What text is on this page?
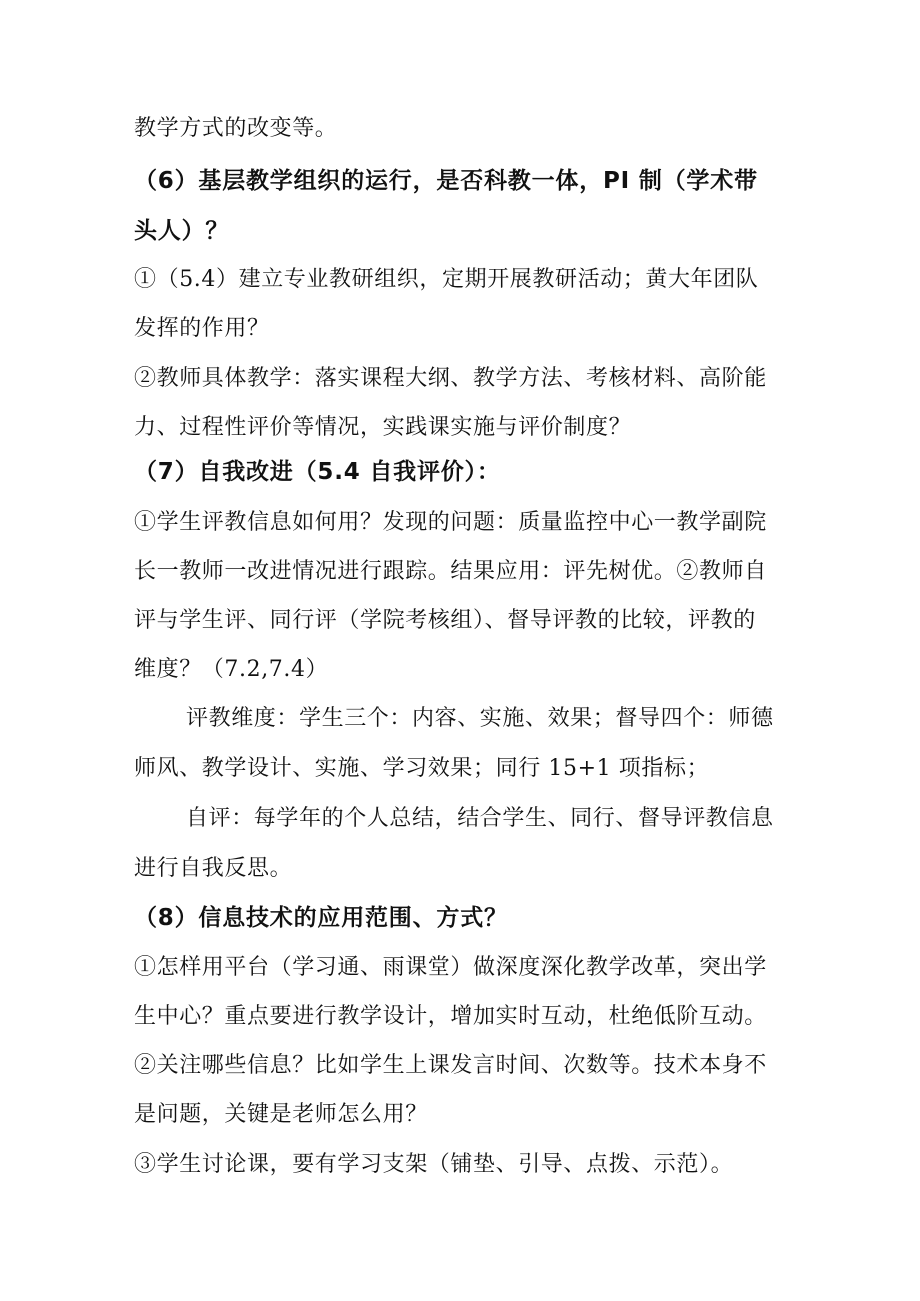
教学方式的改变等。
（6）基层教学组织的运行，是否科教一体，PI 制（学术带
头人）？
①（5.4）建立专业教研组织，定期开展教研活动；黄大年团队
发挥的作用？
②教师具体教学：落实课程大纲、教学方法、考核材料、高阶能
力、过程性评价等情况，实践课实施与评价制度？
（7）自我改进（5.4 自我评价）：
①学生评教信息如何用？发现的问题：质量监控中心一教学副院
长一教师一改进情况进行跟踪。结果应用：评先树优。②教师自
评与学生评、同行评（学院考核组）、督导评教的比较，评教的
维度？（7.2,7.4）
评教维度：学生三个：内容、实施、效果；督导四个：师德
师风、教学设计、实施、学习效果；同行 15+1 项指标；
自评：每学年的个人总结，结合学生、同行、督导评教信息
进行自我反思。
（8）信息技术的应用范围、方式？
①怎样用平台（学习通、雨课堂）做深度深化教学改革，突出学
生中心？重点要进行教学设计，增加实时互动，杜绝低阶互动。
②关注哪些信息？比如学生上课发言时间、次数等。技术本身不
是问题，关键是老师怎么用？
③学生讨论课，要有学习支架（铺垫、引导、点拨、示范）。
